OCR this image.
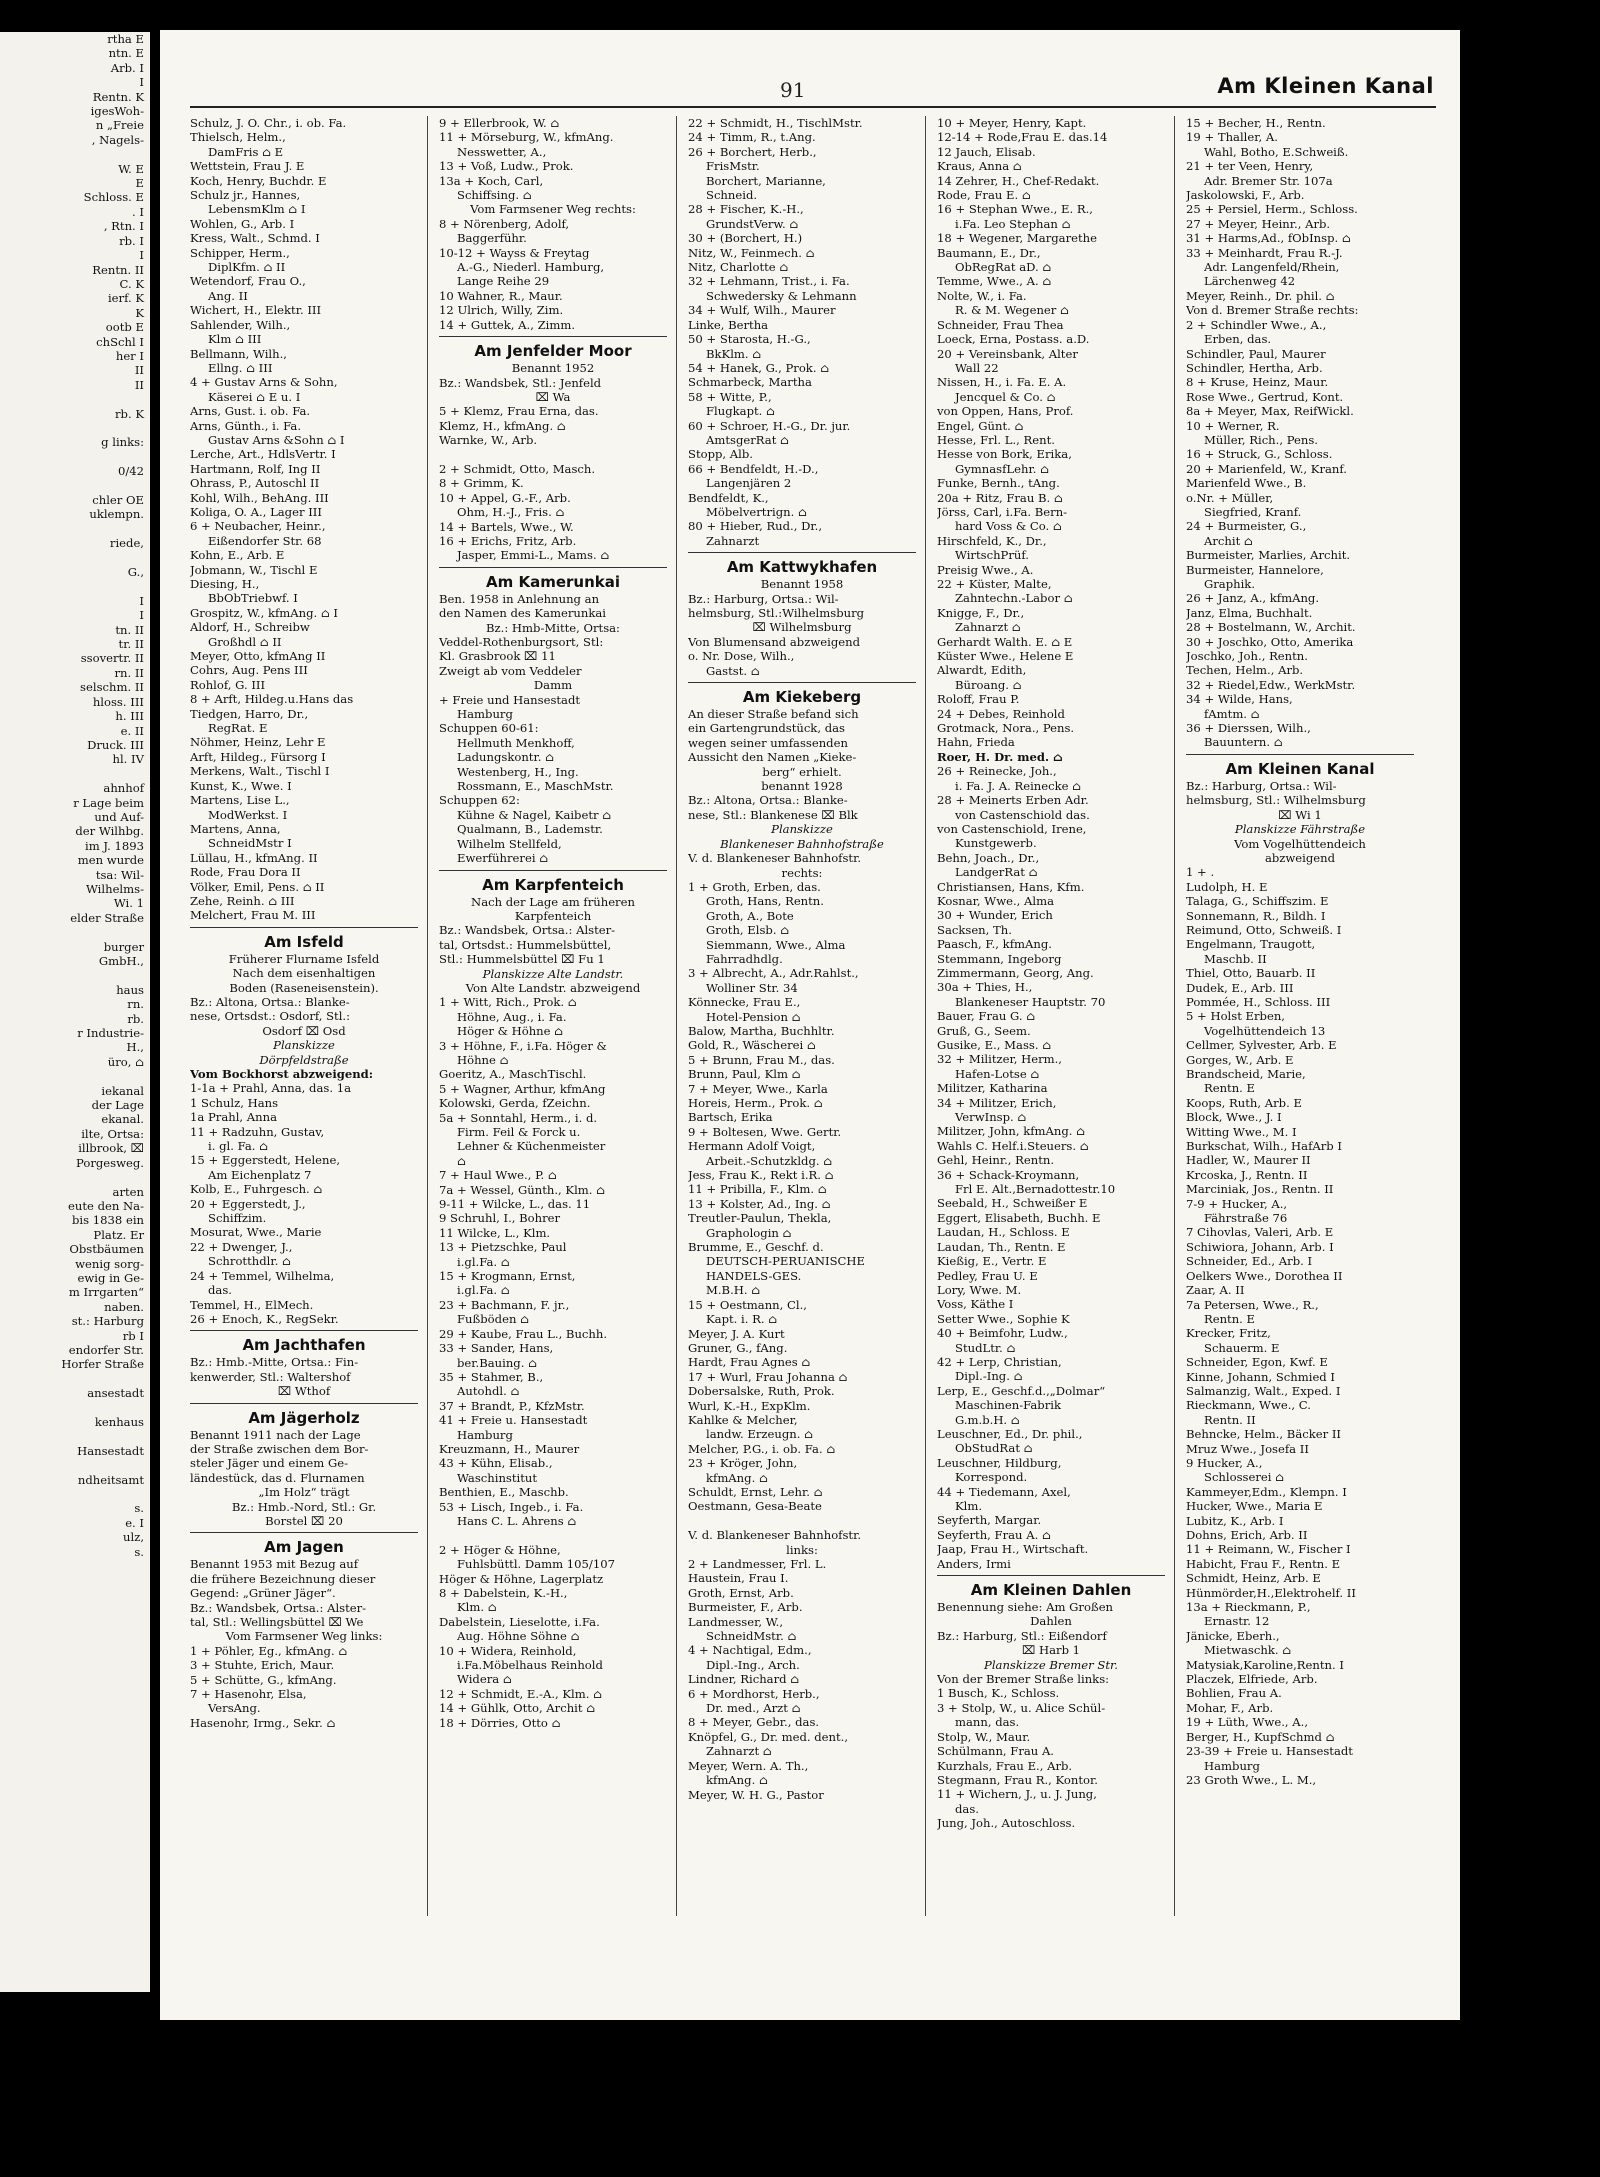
rtha E
ntn. E
Arb. I
I
Rentn. K
igesWoh-
n „Freie
, Nagels-

W. E
E
Schloss. E
. I
, Rtn. I
rb. I
I
Rentn. II
C. K
ierf. K
K
ootb E
chSchl I
her I
II
II

rb. K

g links:

0/42

chler OE
uklempn.

riede,

G.,

I
I
tn. II
tr. II
ssovertr. II
rn. II
selschm. II
hloss. III
h. III
e. II
Druck. III
hl. IV

ahnhof
r Lage beim
und Auf-
der Wilhbg.
im J. 1893
men wurde
tsa: Wil-
Wilhelms-
Wi. 1
elder Straße

burger
GmbH.,

haus
rn.
rb.
r Industrie-
H.,
üro, ⌂

iekanal
der Lage
ekanal.
ilte, Ortsa:
illbrook, ⌧
Porgesweg.

arten
eute den Na-
bis 1838 ein
Platz. Er
Obstbäumen
wenig sorg-
ewig in Ge-
m Irrgarten“
naben.
st.: Harburg
rb I
endorfer Str.
Horfer Straße

ansestadt

kenhaus

Hansestadt

ndheitsamt

s.
e. I
ulz,
s.
91	Am Kleinen Kanal
Schulz, J. O. Chr., i. ob. Fa.
Thielsch, Helm.,
DamFris ⌂ E
Wettstein, Frau J. E
Koch, Henry, Buchdr. E
Schulz jr., Hannes,
LebensmKlm ⌂ I
Wohlen, G., Arb. I
Kress, Walt., Schmd. I
Schipper, Herm.,
DiplKfm. ⌂ II
Wetendorf, Frau O.,
Ang. II
Wichert, H., Elektr. III
Sahlender, Wilh.,
Klm ⌂ III
Bellmann, Wilh.,
Ellng. ⌂ III
4 + Gustav Arns & Sohn,
Käserei ⌂ E u. I
Arns, Gust. i. ob. Fa.
Arns, Günth., i. Fa.
Gustav Arns &Sohn ⌂ I
Lerche, Art., HdlsVertr. I
Hartmann, Rolf, Ing II
Ohrass, P., Autoschl II
Kohl, Wilh., BehAng. III
Koliga, O. A., Lager III
6 + Neubacher, Heinr.,
Eißendorfer Str. 68
Kohn, E., Arb. E
Jobmann, W., Tischl E
Diesing, H.,
BbObTriebwf. I
Grospitz, W., kfmAng. ⌂ I
Aldorf, H., Schreibw
Großhdl ⌂ II
Meyer, Otto, kfmAng II
Cohrs, Aug. Pens III
Rohlof, G. III
8 + Arft, Hildeg.u.Hans das
Tiedgen, Harro, Dr.,
RegRat. E
Nöhmer, Heinz, Lehr E
Arft, Hildeg., Fürsorg I
Merkens, Walt., Tischl I
Kunst, K., Wwe. I
Martens, Lise L.,
ModWerkst. I
Martens, Anna,
SchneidMstr I
Lüllau, H., kfmAng. II
Rode, Frau Dora II
Völker, Emil, Pens. ⌂ II
Zehe, Reinh. ⌂ III
Melchert, Frau M. III
Am Isfeld
Früherer Flurname Isfeld
Nach dem eisenhaltigen
Boden (Raseneisenstein).
Bz.: Altona, Ortsa.: Blanke-
nese, Ortsdst.: Osdorf, Stl.:
Osdorf ⌧ Osd
Planskizze
Dörpfeldstraße
Vom Bockhorst abzweigend:
1-1a + Prahl, Anna, das. 1a
1 Schulz, Hans
1a Prahl, Anna
11 + Radzuhn, Gustav,
i. gl. Fa. ⌂
15 + Eggerstedt, Helene,
Am Eichenplatz 7
Kolb, E., Fuhrgesch. ⌂
20 + Eggerstedt, J.,
Schiffzim.
Mosurat, Wwe., Marie
22 + Dwenger, J.,
Schrotthdlr. ⌂
24 + Temmel, Wilhelma,
das.
Temmel, H., ElMech.
26 + Enoch, K., RegSekr.
Am Jachthafen
Bz.: Hmb.-Mitte, Ortsa.: Fin-
kenwerder, Stl.: Waltershof
⌧ Wthof
Am Jägerholz
Benannt 1911 nach der Lage
der Straße zwischen dem Bor-
steler Jäger und einem Ge-
ländestück, das d. Flurnamen
„Im Holz“ trägt
Bz.: Hmb.-Nord, Stl.: Gr.
Borstel ⌧ 20
Am Jagen
Benannt 1953 mit Bezug auf
die frühere Bezeichnung dieser
Gegend: „Grüner Jäger“.
Bz.: Wandsbek, Ortsa.: Alster-
tal, Stl.: Wellingsbüttel ⌧ We
Vom Farmsener Weg links:
1 + Pöhler, Eg., kfmAng. ⌂
3 + Stuhte, Erich, Maur.
5 + Schütte, G., kfmAng.
7 + Hasenohr, Elsa,
VersAng.
Hasenohr, Irmg., Sekr. ⌂
9 + Ellerbrook, W. ⌂
11 + Mörseburg, W., kfmAng.
Nesswetter, A.,
13 + Voß, Ludw., Prok.
13a + Koch, Carl,
Schiffsing. ⌂
Vom Farmsener Weg rechts:
8 + Nörenberg, Adolf,
Baggerführ.
10-12 + Wayss & Freytag
A.-G., Niederl. Hamburg,
Lange Reihe 29
10 Wahner, R., Maur.
12 Ulrich, Willy, Zim.
14 + Guttek, A., Zimm.
Am Jenfelder Moor
Benannt 1952
Bz.: Wandsbek, Stl.: Jenfeld
⌧ Wa
5 + Klemz, Frau Erna, das.
Klemz, H., kfmAng. ⌂
Warnke, W., Arb.

2 + Schmidt, Otto, Masch.
8 + Grimm, K.
10 + Appel, G.-F., Arb.
Ohm, H.-J., Fris. ⌂
14 + Bartels, Wwe., W.
16 + Erichs, Fritz, Arb.
Jasper, Emmi-L., Mams. ⌂
Am Kamerunkai
Ben. 1958 in Anlehnung an
den Namen des Kamerunkai
Bz.: Hmb-Mitte, Ortsa:
Veddel-Rothenburgsort, Stl:
Kl. Grasbrook ⌧ 11
Zweigt ab vom Veddeler
Damm
+ Freie und Hansestadt
Hamburg
Schuppen 60-61:
Hellmuth Menkhoff,
Ladungskontr. ⌂
Westenberg, H., Ing.
Rossmann, E., MaschMstr.
Schuppen 62:
Kühne & Nagel, Kaibetr ⌂
Qualmann, B., Lademstr.
Wilhelm Stellfeld,
Ewerführerei ⌂
Am Karpfenteich
Nach der Lage am früheren
Karpfenteich
Bz.: Wandsbek, Ortsa.: Alster-
tal, Ortsdst.: Hummelsbüttel,
Stl.: Hummelsbüttel ⌧ Fu 1
Planskizze Alte Landstr.
Von Alte Landstr. abzweigend
1 + Witt, Rich., Prok. ⌂
Höhne, Aug., i. Fa.
Höger & Höhne ⌂
3 + Höhne, F., i.Fa. Höger &
Höhne ⌂
Goeritz, A., MaschTischl.
5 + Wagner, Arthur, kfmAng
Kolowski, Gerda, fZeichn.
5a + Sonntahl, Herm., i. d.
Firm. Feil & Forck u.
Lehner & Küchenmeister
⌂
7 + Haul Wwe., P. ⌂
7a + Wessel, Günth., Klm. ⌂
9-11 + Wilcke, L., das. 11
9 Schruhl, I., Bohrer
11 Wilcke, L., Klm.
13 + Pietzschke, Paul
i.gl.Fa. ⌂
15 + Krogmann, Ernst,
i.gl.Fa. ⌂
23 + Bachmann, F. jr.,
Fußböden ⌂
29 + Kaube, Frau L., Buchh.
33 + Sander, Hans,
ber.Bauing. ⌂
35 + Stahmer, B.,
Autohdl. ⌂
37 + Brandt, P., KfzMstr.
41 + Freie u. Hansestadt
Hamburg
Kreuzmann, H., Maurer
43 + Kühn, Elisab.,
Waschinstitut
Benthien, E., Maschb.
53 + Lisch, Ingeb., i. Fa.
Hans C. L. Ahrens ⌂

2 + Höger & Höhne,
Fuhlsbüttl. Damm 105/107
Höger & Höhne, Lagerplatz
8 + Dabelstein, K.-H.,
Klm. ⌂
Dabelstein, Lieselotte, i.Fa.
Aug. Höhne Söhne ⌂
10 + Widera, Reinhold,
i.Fa.Möbelhaus Reinhold
Widera ⌂
12 + Schmidt, E.-A., Klm. ⌂
14 + Gühlk, Otto, Archit ⌂
18 + Dörries, Otto ⌂
22 + Schmidt, H., TischlMstr.
24 + Timm, R., t.Ang.
26 + Borchert, Herb.,
FrisMstr.
Borchert, Marianne,
Schneid.
28 + Fischer, K.-H.,
GrundstVerw. ⌂
30 + (Borchert, H.)
Nitz, W., Feinmech. ⌂
Nitz, Charlotte ⌂
32 + Lehmann, Trist., i. Fa.
Schwedersky & Lehmann
34 + Wulf, Wilh., Maurer
Linke, Bertha
50 + Starosta, H.-G.,
BkKlm. ⌂
54 + Hanek, G., Prok. ⌂
Schmarbeck, Martha
58 + Witte, P.,
Flugkapt. ⌂
60 + Schroer, H.-G., Dr. jur.
AmtsgerRat ⌂
Stopp, Alb.
66 + Bendfeldt, H.-D.,
Langenjären 2
Bendfeldt, K.,
Möbelvertrign. ⌂
80 + Hieber, Rud., Dr.,
Zahnarzt
Am Kattwykhafen
Benannt 1958
Bz.: Harburg, Ortsa.: Wil-
helmsburg, Stl.:Wilhelmsburg
⌧ Wilhelmsburg
Von Blumensand abzweigend
o. Nr. Dose, Wilh.,
Gastst. ⌂
Am Kiekeberg
An dieser Straße befand sich
ein Gartengrundstück, das
wegen seiner umfassenden
Aussicht den Namen „Kieke-
berg“ erhielt.
benannt 1928
Bz.: Altona, Ortsa.: Blanke-
nese, Stl.: Blankenese ⌧ Blk
Planskizze
Blankeneser Bahnhofstraße
V. d. Blankeneser Bahnhofstr.
rechts:
1 + Groth, Erben, das.
Groth, Hans, Rentn.
Groth, A., Bote
Groth, Elsb. ⌂
Siemmann, Wwe., Alma
Fahrradhdlg.
3 + Albrecht, A., Adr.Rahlst.,
Wolliner Str. 34
Könnecke, Frau E.,
Hotel-Pension ⌂
Balow, Martha, Buchhltr.
Gold, R., Wäscherei ⌂
5 + Brunn, Frau M., das.
Brunn, Paul, Klm ⌂
7 + Meyer, Wwe., Karla
Horeis, Herm., Prok. ⌂
Bartsch, Erika
9 + Boltesen, Wwe. Gertr.
Hermann Adolf Voigt,
Arbeit.-Schutzkldg. ⌂
Jess, Frau K., Rekt i.R. ⌂
11 + Pribilla, F., Klm. ⌂
13 + Kolster, Ad., Ing. ⌂
Treutler-Paulun, Thekla,
Graphologin ⌂
Brumme, E., Geschf. d.
DEUTSCH-PERUANISCHE
HANDELS-GES.
M.B.H. ⌂
15 + Oestmann, Cl.,
Kapt. i. R. ⌂
Meyer, J. A. Kurt
Gruner, G., fAng.
Hardt, Frau Agnes ⌂
17 + Wurl, Frau Johanna ⌂
Dobersalske, Ruth, Prok.
Wurl, K.-H., ExpKlm.
Kahlke & Melcher,
landw. Erzeugn. ⌂
Melcher, P.G., i. ob. Fa. ⌂
23 + Kröger, John,
kfmAng. ⌂
Schuldt, Ernst, Lehr. ⌂
Oestmann, Gesa-Beate

V. d. Blankeneser Bahnhofstr.
links:
2 + Landmesser, Frl. L.
Haustein, Frau I.
Groth, Ernst, Arb.
Burmeister, F., Arb.
Landmesser, W.,
SchneidMstr. ⌂
4 + Nachtigal, Edm.,
Dipl.-Ing., Arch.
Lindner, Richard ⌂
6 + Mordhorst, Herb.,
Dr. med., Arzt ⌂
8 + Meyer, Gebr., das.
Knöpfel, G., Dr. med. dent.,
Zahnarzt ⌂
Meyer, Wern. A. Th.,
kfmAng. ⌂
Meyer, W. H. G., Pastor
10 + Meyer, Henry, Kapt.
12-14 + Rode,Frau E. das.14
12 Jauch, Elisab.
Kraus, Anna ⌂
14 Zehrer, H., Chef-Redakt.
Rode, Frau E. ⌂
16 + Stephan Wwe., E. R.,
i.Fa. Leo Stephan ⌂
18 + Wegener, Margarethe
Baumann, E., Dr.,
ObRegRat aD. ⌂
Temme, Wwe., A. ⌂
Nolte, W., i. Fa.
R. & M. Wegener ⌂
Schneider, Frau Thea
Loeck, Erna, Postass. a.D.
20 + Vereinsbank, Alter
Wall 22
Nissen, H., i. Fa. E. A.
Jencquel & Co. ⌂
von Oppen, Hans, Prof.
Engel, Günt. ⌂
Hesse, Frl. L., Rent.
Hesse von Bork, Erika,
GymnasfLehr. ⌂
Funke, Bernh., tAng.
20a + Ritz, Frau B. ⌂
Jörss, Carl, i.Fa. Bern-
hard Voss & Co. ⌂
Hirschfeld, K., Dr.,
WirtschPrüf.
Preisig Wwe., A.
22 + Küster, Malte,
Zahntechn.-Labor ⌂
Knigge, F., Dr.,
Zahnarzt ⌂
Gerhardt Walth. E. ⌂ E
Küster Wwe., Helene E
Alwardt, Edith,
Büroang. ⌂
Roloff, Frau P.
24 + Debes, Reinhold
Grotmack, Nora., Pens.
Hahn, Frieda
Roer, H. Dr. med. ⌂
26 + Reinecke, Joh.,
i. Fa. J. A. Reinecke ⌂
28 + Meinerts Erben Adr.
von Castenschiold das.
von Castenschiold, Irene,
Kunstgewerb.
Behn, Joach., Dr.,
LandgerRat ⌂
Christiansen, Hans, Kfm.
Kosnar, Wwe., Alma
30 + Wunder, Erich
Sacksen, Th.
Paasch, F., kfmAng.
Stemmann, Ingeborg
Zimmermann, Georg, Ang.
30a + Thies, H.,
Blankeneser Hauptstr. 70
Bauer, Frau G. ⌂
Gruß, G., Seem.
Gusike, E., Mass. ⌂
32 + Militzer, Herm.,
Hafen-Lotse ⌂
Militzer, Katharina
34 + Militzer, Erich,
VerwInsp. ⌂
Militzer, John, kfmAng. ⌂
Wahls C. Helf.i.Steuers. ⌂
Gehl, Heinr., Rentn.
36 + Schack-Kroymann,
Frl E. Alt.,Bernadottestr.10
Seebald, H., Schweißer E
Eggert, Elisabeth, Buchh. E
Laudan, H., Schloss. E
Laudan, Th., Rentn. E
Kießig, E., Vertr. E
Pedley, Frau U. E
Lory, Wwe. M.
Voss, Käthe I
Setter Wwe., Sophie K
40 + Beimfohr, Ludw.,
StudLtr. ⌂
42 + Lerp, Christian,
Dipl.-Ing. ⌂
Lerp, E., Geschf.d.,„Dolmar“
Maschinen-Fabrik
G.m.b.H. ⌂
Leuschner, Ed., Dr. phil.,
ObStudRat ⌂
Leuschner, Hildburg,
Korrespond.
44 + Tiedemann, Axel,
Klm.
Seyferth, Margar.
Seyferth, Frau A. ⌂
Jaap, Frau H., Wirtschaft.
Anders, Irmi
Am Kleinen Dahlen
Benennung siehe: Am Großen
Dahlen
Bz.: Harburg, Stl.: Eißendorf
⌧ Harb 1
Planskizze Bremer Str.
Von der Bremer Straße links:
1 Busch, K., Schloss.
3 + Stolp, W., u. Alice Schül-
mann, das.
Stolp, W., Maur.
Schülmann, Frau A.
Kurzhals, Frau E., Arb.
Stegmann, Frau R., Kontor.
11 + Wichern, J., u. J. Jung,
das.
Jung, Joh., Autoschloss.
15 + Becher, H., Rentn.
19 + Thaller, A.
Wahl, Botho, E.Schweiß.
21 + ter Veen, Henry,
Adr. Bremer Str. 107a
Jaskolowski, F., Arb.
25 + Persiel, Herm., Schloss.
27 + Meyer, Heinr., Arb.
31 + Harms,Ad., fObInsp. ⌂
33 + Meinhardt, Frau R.-J.
Adr. Langenfeld/Rhein,
Lärchenweg 42
Meyer, Reinh., Dr. phil. ⌂
Von d. Bremer Straße rechts:
2 + Schindler Wwe., A.,
Erben, das.
Schindler, Paul, Maurer
Schindler, Hertha, Arb.
8 + Kruse, Heinz, Maur.
Rose Wwe., Gertrud, Kont.
8a + Meyer, Max, ReifWickl.
10 + Werner, R.
Müller, Rich., Pens.
16 + Struck, G., Schloss.
20 + Marienfeld, W., Kranf.
Marienfeld Wwe., B.
o.Nr. + Müller,
Siegfried, Kranf.
24 + Burmeister, G.,
Archit ⌂
Burmeister, Marlies, Archit.
Burmeister, Hannelore,
Graphik.
26 + Janz, A., kfmAng.
Janz, Elma, Buchhalt.
28 + Bostelmann, W., Archit.
30 + Joschko, Otto, Amerika
Joschko, Joh., Rentn.
Techen, Helm., Arb.
32 + Riedel,Edw., WerkMstr.
34 + Wilde, Hans,
fAmtm. ⌂
36 + Dierssen, Wilh.,
Bauuntern. ⌂
Am Kleinen Kanal
Bz.: Harburg, Ortsa.: Wil-
helmsburg, Stl.: Wilhelmsburg
⌧ Wi 1
Planskizze Fährstraße
Vom Vogelhüttendeich
abzweigend
1 + .
Ludolph, H. E
Talaga, G., Schiffszim. E
Sonnemann, R., Bildh. I
Reimund, Otto, Schweiß. I
Engelmann, Traugott,
Maschb. II
Thiel, Otto, Bauarb. II
Dudek, E., Arb. III
Pommée, H., Schloss. III
5 + Holst Erben,
Vogelhüttendeich 13
Cellmer, Sylvester, Arb. E
Gorges, W., Arb. E
Brandscheid, Marie,
Rentn. E
Koops, Ruth, Arb. E
Block, Wwe., J. I
Witting Wwe., M. I
Burkschat, Wilh., HafArb I
Hadler, W., Maurer II
Krcoska, J., Rentn. II
Marciniak, Jos., Rentn. II
7-9 + Hucker, A.,
Fährstraße 76
7 Cihovlas, Valeri, Arb. E
Schiwiora, Johann, Arb. I
Schneider, Ed., Arb. I
Oelkers Wwe., Dorothea II
Zaar, A. II
7a Petersen, Wwe., R.,
Rentn. E
Krecker, Fritz,
Schauerm. E
Schneider, Egon, Kwf. E
Kinne, Johann, Schmied I
Salmanzig, Walt., Exped. I
Rieckmann, Wwe., C.
Rentn. II
Behncke, Helm., Bäcker II
Mruz Wwe., Josefa II
9 Hucker, A.,
Schlosserei ⌂
Kammeyer,Edm., Klempn. I
Hucker, Wwe., Maria E
Lubitz, K., Arb. I
Dohns, Erich, Arb. II
11 + Reimann, W., Fischer I
Habicht, Frau F., Rentn. E
Schmidt, Heinz, Arb. E
Hünmörder,H.,Elektrohelf. II
13a + Rieckmann, P.,
Ernastr. 12
Jänicke, Eberh.,
Mietwaschk. ⌂
Matysiak,Karoline,Rentn. I
Placzek, Elfriede, Arb.
Bohlien, Frau A.
Mohar, F., Arb.
19 + Lüth, Wwe., A.,
Berger, H., KupfSchmd ⌂
23-39 + Freie u. Hansestadt
Hamburg
23 Groth Wwe., L. M.,
